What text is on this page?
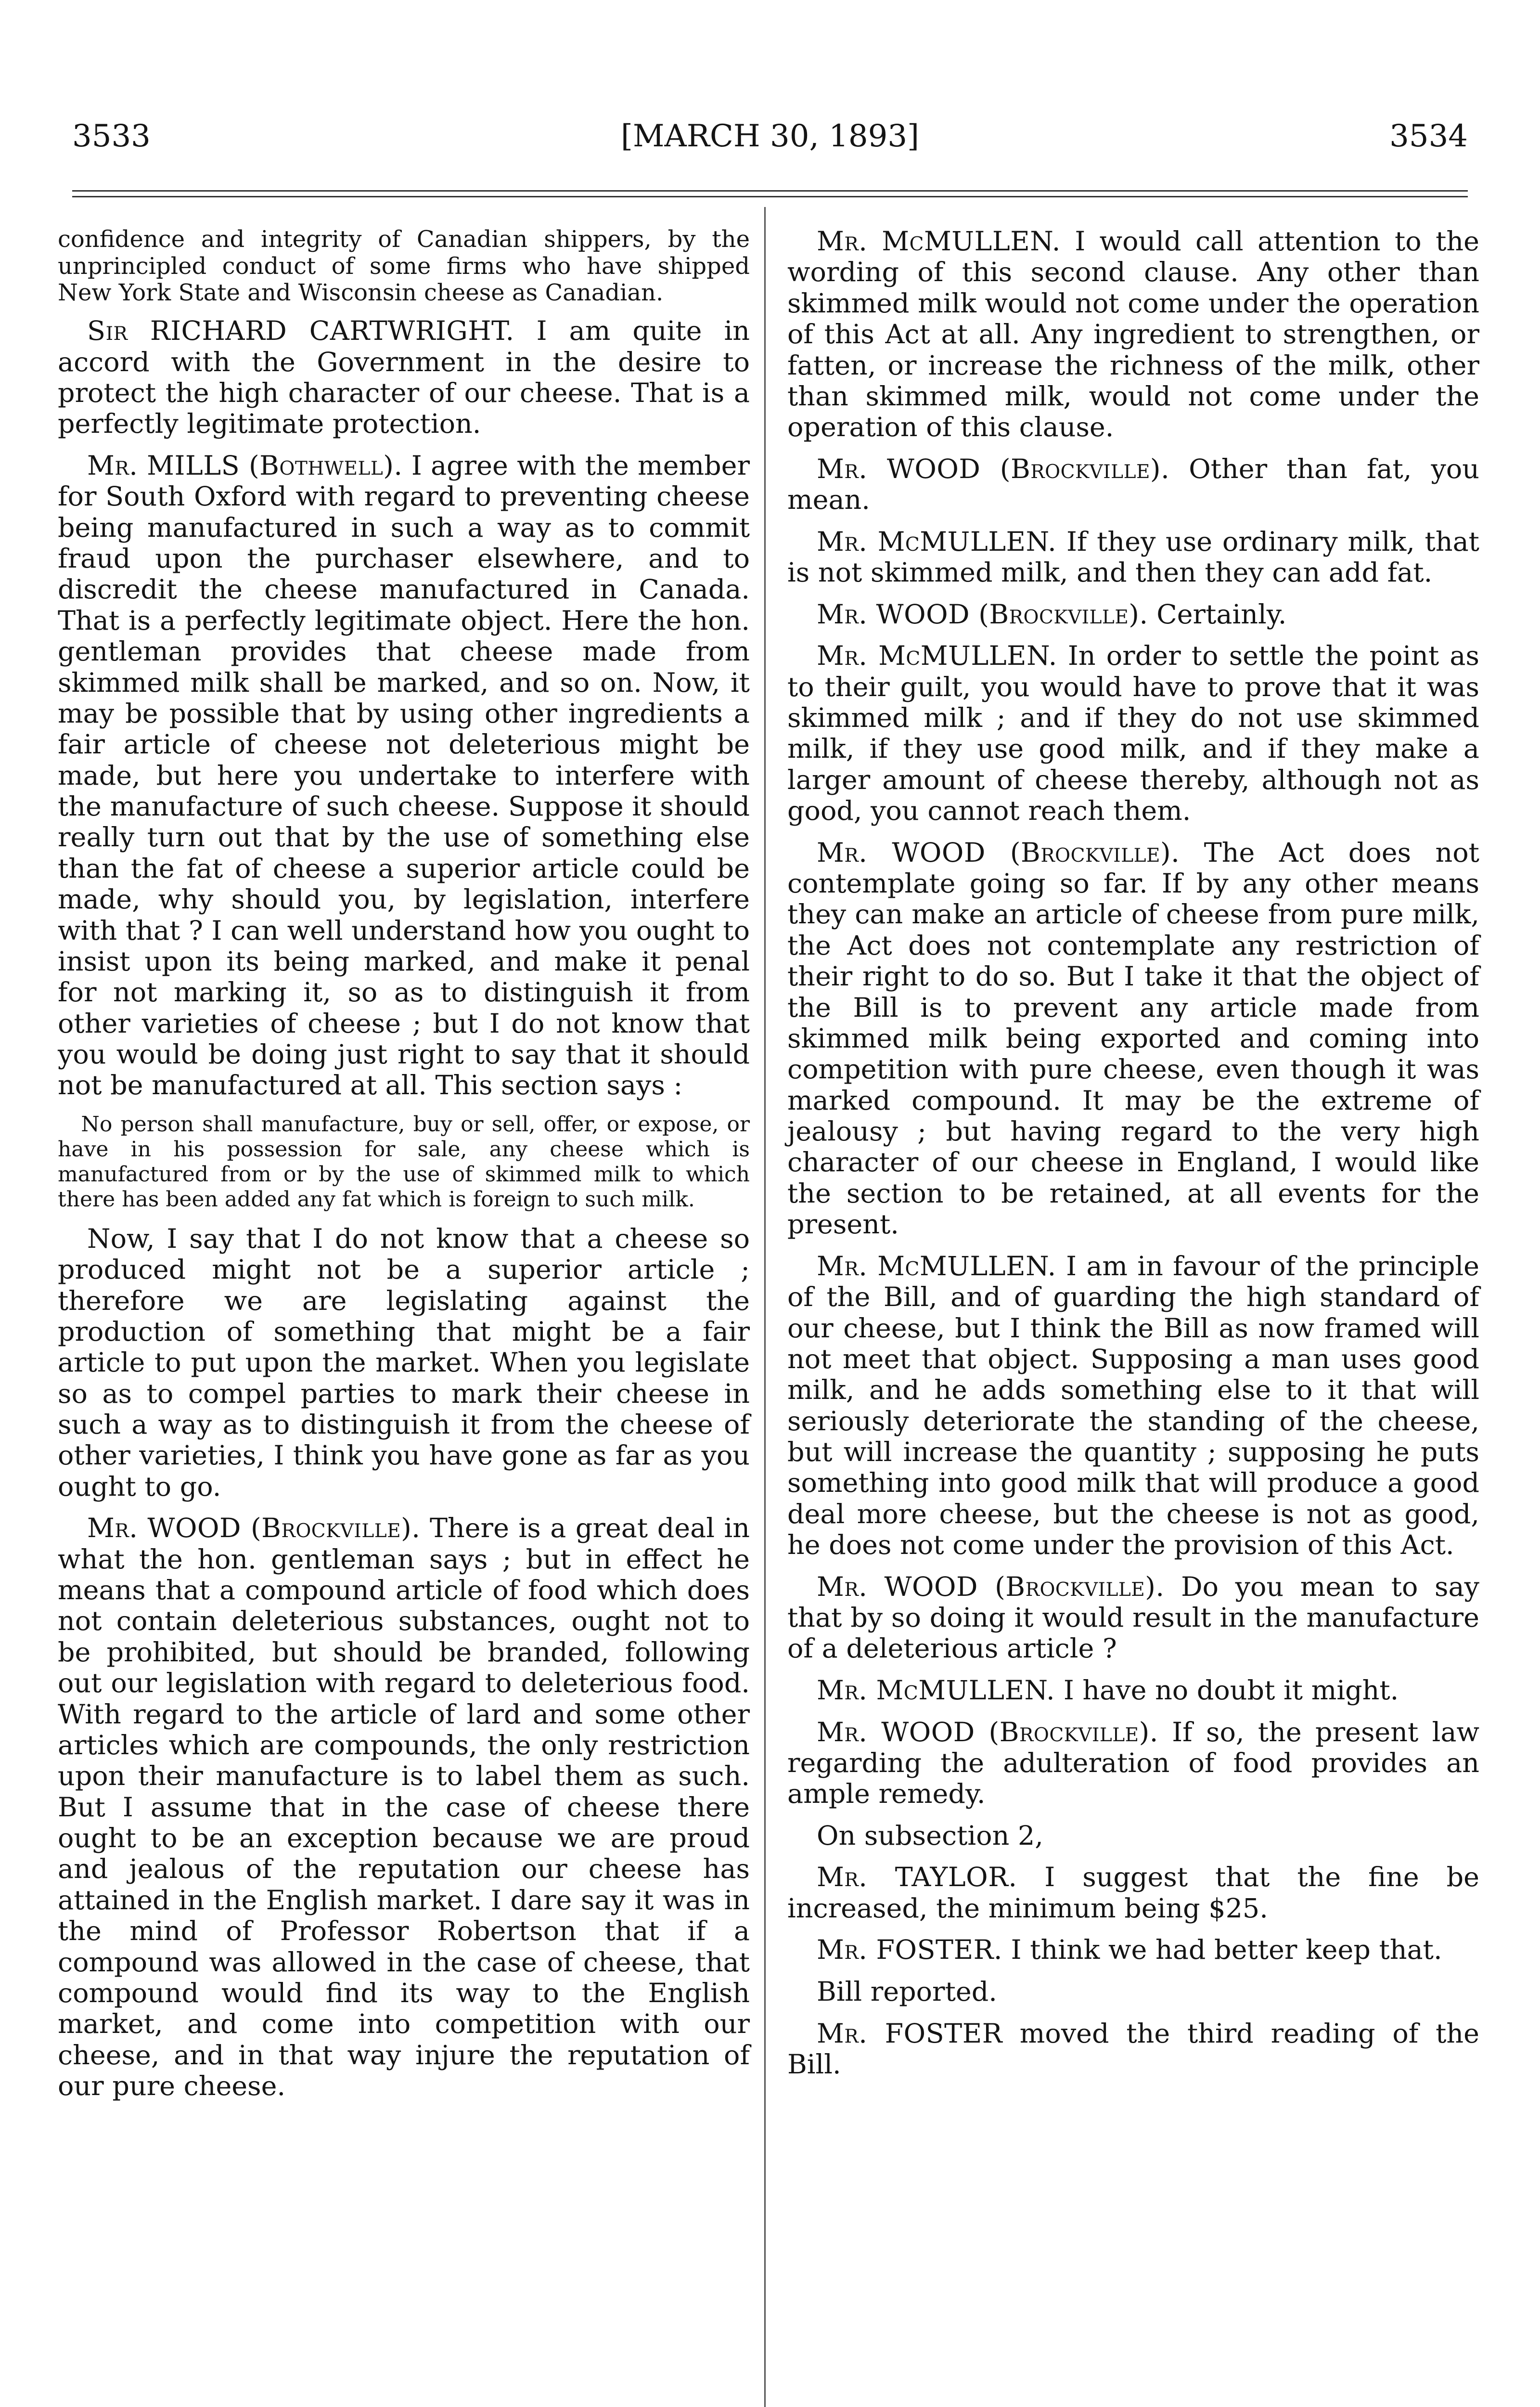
3533	[MARCH 30, 1893]	3534

confidence and integrity of Canadian shippers, by the unprincipled conduct of some firms who have shipped New York State and Wisconsin cheese as Canadian.

Sir RICHARD CARTWRIGHT. I am quite in accord with the Government in the desire to protect the high character of our cheese. That is a perfectly legitimate protection.

Mr. MILLS (Bothwell). I agree with the member for South Oxford with regard to preventing cheese being manufactured in such a way as to commit fraud upon the purchaser elsewhere, and to discredit the cheese manufactured in Canada. That is a perfectly legitimate object. Here the hon. gentleman provides that cheese made from skimmed milk shall be marked, and so on. Now, it may be possible that by using other ingredients a fair article of cheese not deleterious might be made, but here you undertake to interfere with the manufacture of such cheese. Suppose it should really turn out that by the use of something else than the fat of cheese a superior article could be made, why should you, by legislation, interfere with that ? I can well understand how you ought to insist upon its being marked, and make it penal for not marking it, so as to distinguish it from other varieties of cheese ; but I do not know that you would be doing just right to say that it should not be manufactured at all. This section says :

No person shall manufacture, buy or sell, offer, or expose, or have in his possession for sale, any cheese which is manufactured from or by the use of skimmed milk to which there has been added any fat which is foreign to such milk.

Now, I say that I do not know that a cheese so produced might not be a superior article ; therefore we are legislating against the production of something that might be a fair article to put upon the market. When you legislate so as to compel parties to mark their cheese in such a way as to distinguish it from the cheese of other varieties, I think you have gone as far as you ought to go.

Mr. WOOD (Brockville). There is a great deal in what the hon. gentleman says ; but in effect he means that a compound article of food which does not contain deleterious substances, ought not to be prohibited, but should be branded, following out our legislation with regard to deleterious food. With regard to the article of lard and some other articles which are compounds, the only restriction upon their manufacture is to label them as such. But I assume that in the case of cheese there ought to be an exception because we are proud and jealous of the reputation our cheese has attained in the English market. I dare say it was in the mind of Professor Robertson that if a compound was allowed in the case of cheese, that compound would find its way to the English market, and come into competition with our cheese, and in that way injure the reputation of our pure cheese.

Mr. McMULLEN. I would call attention to the wording of this second clause. Any other than skimmed milk would not come under the operation of this Act at all. Any ingredient to strengthen, or fatten, or increase the richness of the milk, other than skimmed milk, would not come under the operation of this clause.

Mr. WOOD (Brockville). Other than fat, you mean.

Mr. McMULLEN. If they use ordinary milk, that is not skimmed milk, and then they can add fat.

Mr. WOOD (Brockville). Certainly.

Mr. McMULLEN. In order to settle the point as to their guilt, you would have to prove that it was skimmed milk ; and if they do not use skimmed milk, if they use good milk, and if they make a larger amount of cheese thereby, although not as good, you cannot reach them.

Mr. WOOD (Brockville). The Act does not contemplate going so far. If by any other means they can make an article of cheese from pure milk, the Act does not contemplate any restriction of their right to do so. But I take it that the object of the Bill is to prevent any article made from skimmed milk being exported and coming into competition with pure cheese, even though it was marked compound. It may be the extreme of jealousy ; but having regard to the very high character of our cheese in England, I would like the section to be retained, at all events for the present.

Mr. McMULLEN. I am in favour of the principle of the Bill, and of guarding the high standard of our cheese, but I think the Bill as now framed will not meet that object. Supposing a man uses good milk, and he adds something else to it that will seriously deteriorate the standing of the cheese, but will increase the quantity ; supposing he puts something into good milk that will produce a good deal more cheese, but the cheese is not as good, he does not come under the provision of this Act.

Mr. WOOD (Brockville). Do you mean to say that by so doing it would result in the manufacture of a deleterious article ?

Mr. McMULLEN. I have no doubt it might.

Mr. WOOD (Brockville). If so, the present law regarding the adulteration of food provides an ample remedy.

On subsection 2,

Mr. TAYLOR. I suggest that the fine be increased, the minimum being $25.

Mr. FOSTER. I think we had better keep that.

Bill reported.

Mr. FOSTER moved the third reading of the Bill.
